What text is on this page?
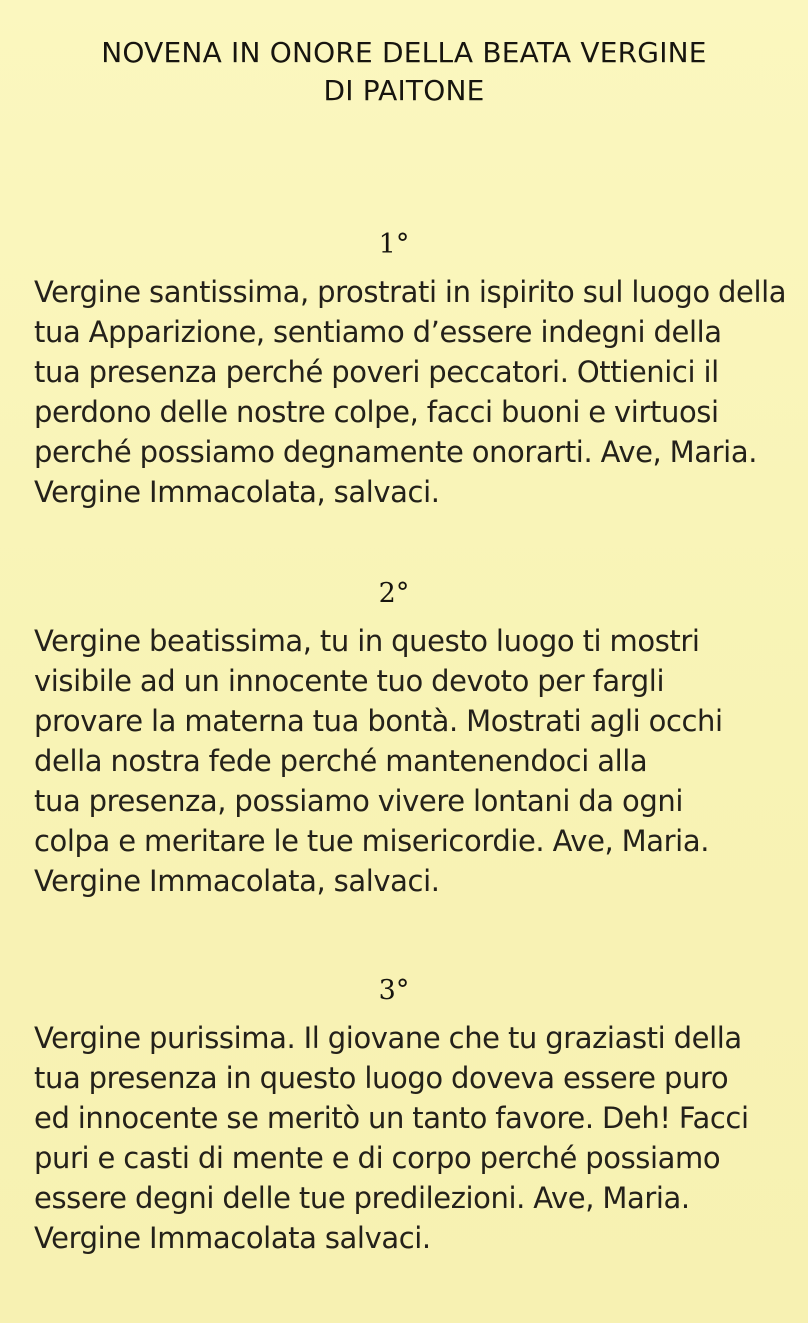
NOVENA IN ONORE DELLA BEATA VERGINE
DI PAITONE
1°

Vergine santissima, prostrati in ispirito sul luogo della

tua Apparizione, sentiamo d’essere indegni della

tua presenza perché poveri peccatori. Ottienici il

perdono delle nostre colpe, facci buoni e virtuosi

perché possiamo degnamente onorarti. Ave, Maria.

Vergine Immacolata, salvaci.

2°

Vergine beatissima, tu in questo luogo ti mostri

visibile ad un innocente tuo devoto per fargli

provare la materna tua bontà. Mostrati agli occhi

della nostra fede perché mantenendoci alla

tua presenza, possiamo vivere lontani da ogni

colpa e meritare le tue misericordie. Ave, Maria.

Vergine Immacolata, salvaci.

3°

Vergine purissima. Il giovane che tu graziasti della

tua presenza in questo luogo doveva essere puro

ed innocente se meritò un tanto favore. Deh! Facci

puri e casti di mente e di corpo perché possiamo

essere degni delle tue predilezioni. Ave, Maria.

Vergine Immacolata salvaci.
